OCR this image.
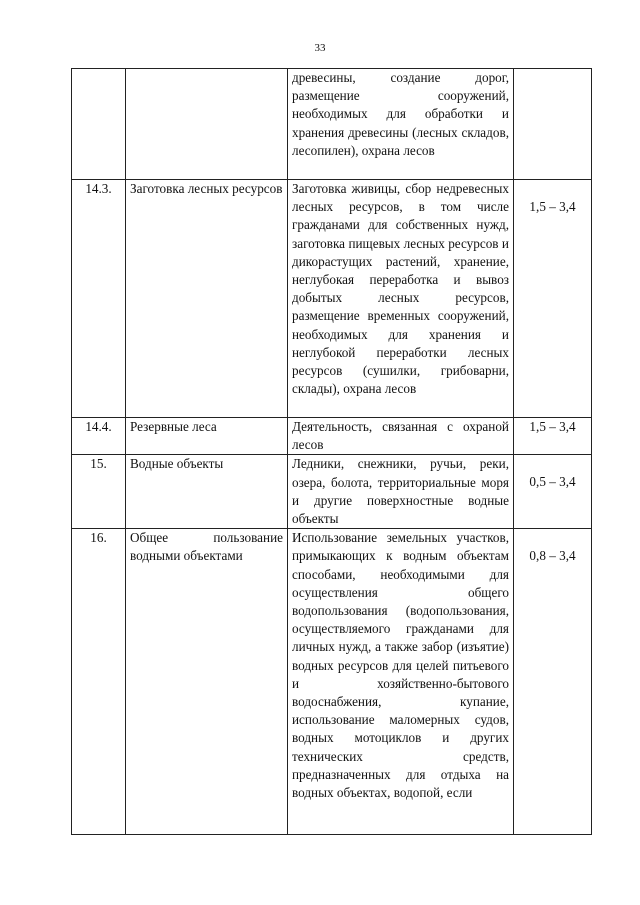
33
		древесины, создание дорог, размещение сооружений, необходимых для обработки и хранения древесины (лесных складов, лесопилен), охрана лесов	

14.3.	Заготовка лесных ресурсов	Заготовка живицы, сбор недревесных лесных ресурсов, в том числе гражданами для собственных нужд, заготовка пищевых лесных ресурсов и дикорастущих растений, хранение, неглубокая переработка и вывоз добытых лесных ресурсов, размещение временных сооружений, необходимых для хранения и неглубокой переработки лесных ресурсов (сушилки, грибоварни, склады), охрана лесов	1,5 – 3,4

14.4.	Резервные леса	Деятельность, связанная с охраной лесов	1,5 – 3,4
15.	Водные объекты	Ледники, снежники, ручьи, реки, озера, болота, территориальные моря и другие поверхностные водные объекты	0,5 – 3,4

16.	Общее пользование водными объектами	Использование земельных участков, примыкающих к водным объектам способами, необходимыми для осуществления общего водопользования (водопользования, осуществляемого гражданами для личных нужд, а также забор (изъятие) водных ресурсов для целей питьевого и хозяйственно-бытового водоснабжения, купание, использование маломерных судов, водных мотоциклов и других технических средств, предназначенных для отдыха на водных объектах, водопой, если	0,8 – 3,4
